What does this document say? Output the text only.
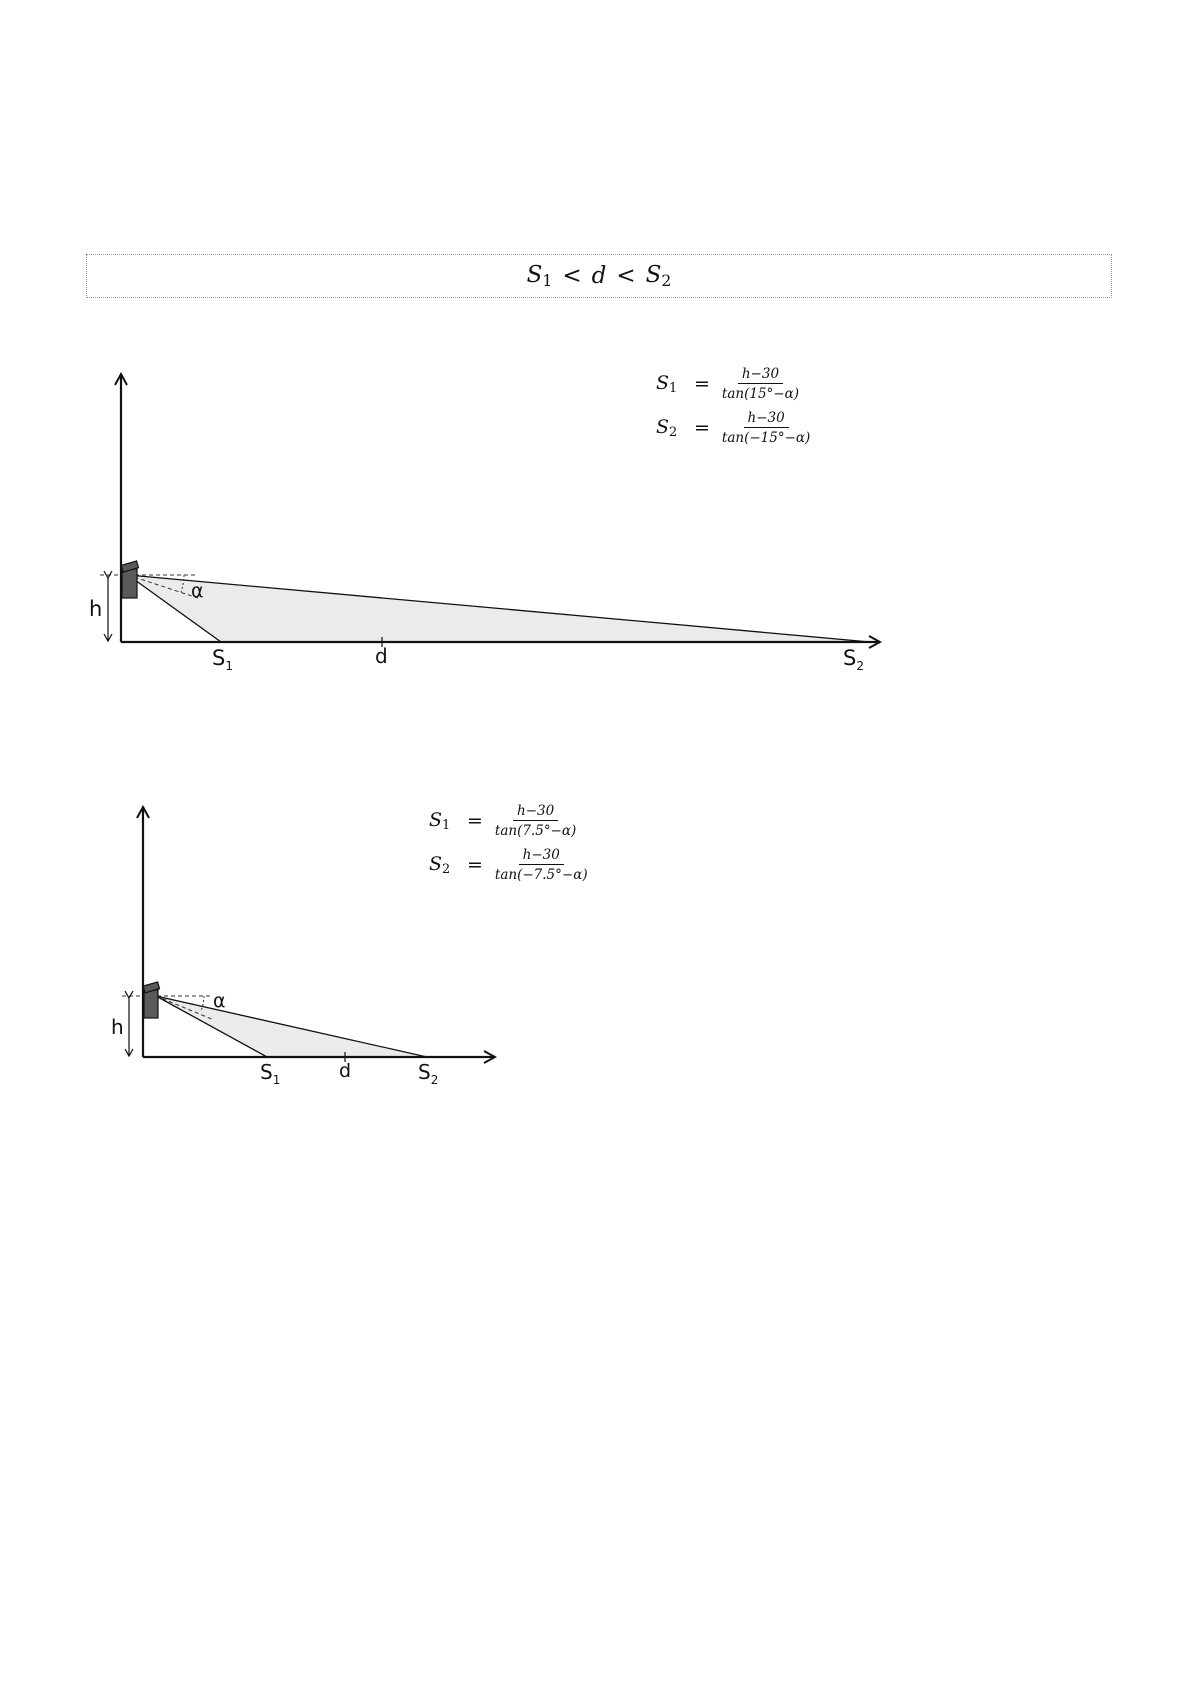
$S_1 < d < S_2$
$S_1 = \frac{h-30}{\tan(15^\circ-\alpha)}$
$S_2 = \frac{h-30}{\tan(-15^\circ-\alpha)}$
h
α
$S_1$	d	$S_2$
$S_1 = \frac{h-30}{\tan(7.5^\circ-\alpha)}$
$S_2 = \frac{h-30}{\tan(-7.5^\circ-\alpha)}$
h
α
$S_1$	d	$S_2$
